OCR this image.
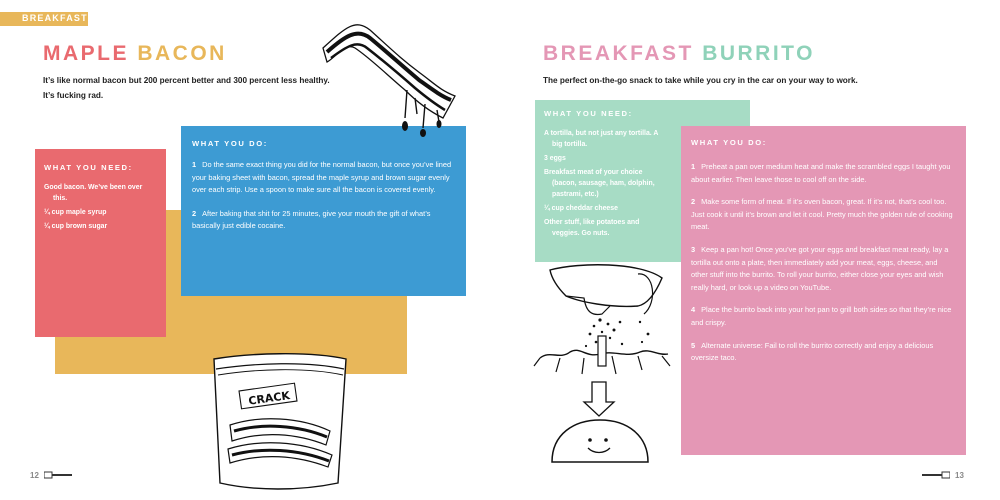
BREAKFAST
MAPLE BACON
It’s like normal bacon but 200 percent better and 300 percent less healthy.
It’s fucking rad.
WHAT YOU NEED:
Good bacon. We’ve been over this.
¼ cup maple syrup
¼ cup brown sugar
WHAT YOU DO:
1 Do the same exact thing you did for the normal bacon, but once you’ve lined your baking sheet with bacon, spread the maple syrup and brown sugar evenly over each strip. Use a spoon to make sure all the bacon is covered evenly.
2 After baking that shit for 25 minutes, give your mouth the gift of what’s basically just edible cocaine.
CRACK
12
BREAKFAST BURRITO
The perfect on-the-go snack to take while you cry in the car on your way to work.
WHAT YOU NEED:
A tortilla, but not just any tortilla. A big tortilla.
3 eggs
Breakfast meat of your choice (bacon, sausage, ham, dolphin, pastrami, etc.)
¼ cup cheddar cheese
Other stuff, like potatoes and veggies. Go nuts.
WHAT YOU DO:
1 Preheat a pan over medium heat and make the scrambled eggs I taught you about earlier. Then leave those to cool off on the side.
2 Make some form of meat. If it’s oven bacon, great. If it’s not, that’s cool too. Just cook it until it’s brown and let it cool. Pretty much the golden rule of cooking meat.
3 Keep a pan hot! Once you’ve got your eggs and breakfast meat ready, lay a tortilla out onto a plate, then immediately add your meat, eggs, cheese, and other stuff into the burrito. To roll your burrito, either close your eyes and wish really hard, or look up a video on YouTube.
4 Place the burrito back into your hot pan to grill both sides so that they’re nice and crispy.
5 Alternate universe: Fail to roll the burrito correctly and enjoy a delicious oversize taco.
13
